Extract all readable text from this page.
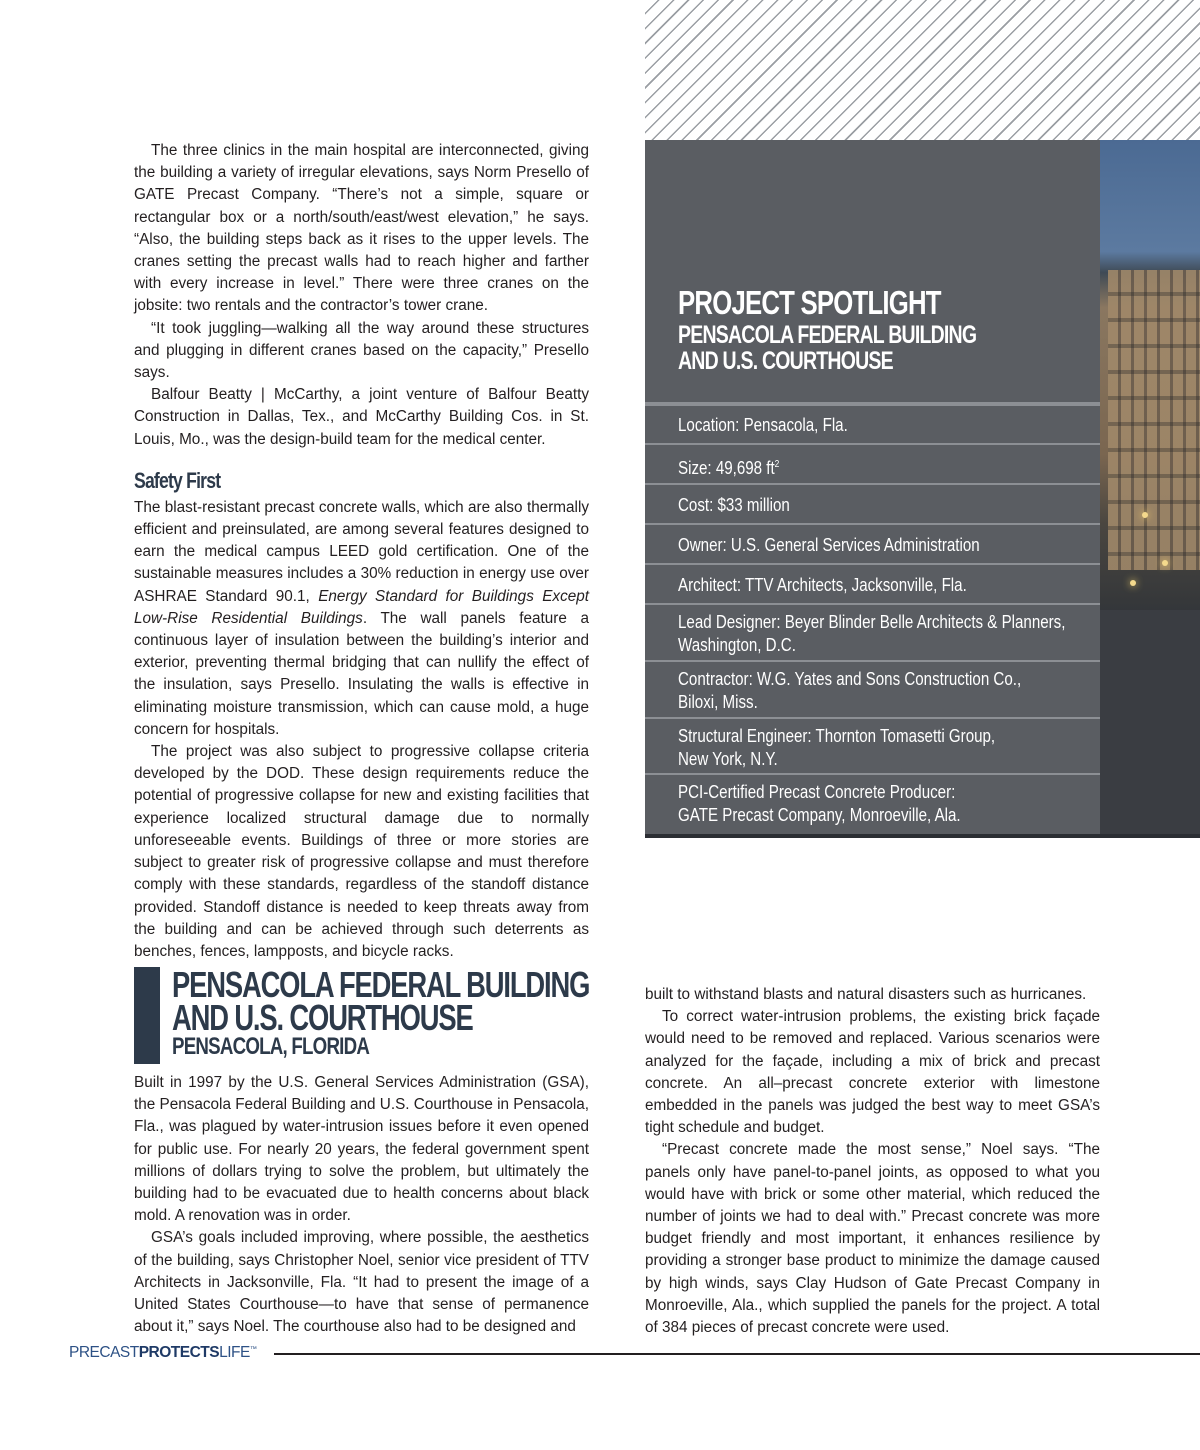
PROJECT SPOTLIGHT
PENSACOLA FEDERAL BUILDING
AND U.S. COURTHOUSE
Location: Pensacola, Fla.
Size: 49,698 $ft^2$
Cost: $33 million
Owner: U.S. General Services Administration
Architect: TTV Architects, Jacksonville, Fla.
Lead Designer: Beyer Blinder Belle Architects & Planners,
Washington, D.C.
Contractor: W.G. Yates and Sons Construction Co.,
Biloxi, Miss.
Structural Engineer: Thornton Tomasetti Group,
New York, N.Y.
PCI-Certified Precast Concrete Producer:
GATE Precast Company, Monroeville, Ala.

The three clinics in the main hospital are interconnected, giving the building a variety of irregular elevations, says Norm Presello of GATE Precast Company. “There’s not a simple, square or rectangular box or a north/south/east/west elevation,” he says. “Also, the building steps back as it rises to the upper levels. The cranes setting the precast walls had to reach higher and farther with every increase in level.” There were three cranes on the jobsite: two rentals and the contractor’s tower crane.

“It took juggling—walking all the way around these structures and plugging in different cranes based on the capacity,” Presello says.

Balfour Beatty | McCarthy, a joint venture of Balfour Beatty Construction in Dallas, Tex., and McCarthy Building Cos. in St. Louis, Mo., was the design-build team for the medical center.

Safety First

The blast-resistant precast concrete walls, which are also thermally efficient and preinsulated, are among several features designed to earn the medical campus LEED gold certification. One of the sustainable measures includes a 30% reduction in energy use over ASHRAE Standard 90.1, Energy Standard for Buildings Except Low-Rise Residential Buildings. The wall panels feature a continuous layer of insulation between the building’s interior and exterior, preventing thermal bridging that can nullify the effect of the insulation, says Presello. Insulating the walls is effective in eliminating moisture transmission, which can cause mold, a huge concern for hospitals.

The project was also subject to progressive collapse criteria developed by the DOD. These design requirements reduce the potential of progressive collapse for new and existing facilities that experience localized structural damage due to normally unforeseeable events. Buildings of three or more stories are subject to greater risk of progressive collapse and must therefore comply with these standards, regardless of the standoff distance provided. Standoff distance is needed to keep threats away from the building and can be achieved through such deterrents as benches, fences, lampposts, and bicycle racks.

PENSACOLA FEDERAL BUILDING
AND U.S. COURTHOUSE
PENSACOLA, FLORIDA

Built in 1997 by the U.S. General Services Administration (GSA), the Pensacola Federal Building and U.S. Courthouse in Pensacola, Fla., was plagued by water-intrusion issues before it even opened for public use. For nearly 20 years, the federal government spent millions of dollars trying to solve the problem, but ultimately the building had to be evacuated due to health concerns about black mold. A renovation was in order.

GSA’s goals included improving, where possible, the aesthetics of the building, says Christopher Noel, senior vice president of TTV Architects in Jacksonville, Fla. “It had to present the image of a United States Courthouse—to have that sense of permanence about it,” says Noel. The courthouse also had to be designed and

built to withstand blasts and natural disasters such as hurricanes.

To correct water-intrusion problems, the existing brick façade would need to be removed and replaced. Various scenarios were analyzed for the façade, including a mix of brick and precast concrete. An all–precast concrete exterior with limestone embedded in the panels was judged the best way to meet GSA’s tight schedule and budget.

“Precast concrete made the most sense,” Noel says. “The panels only have panel-to-panel joints, as opposed to what you would have with brick or some other material, which reduced the number of joints we had to deal with.” Precast concrete was more budget friendly and most important, it enhances resilience by providing a stronger base product to minimize the damage caused by high winds, says Clay Hudson of Gate Precast Company in Monroeville, Ala., which supplied the panels for the project. A total of 384 pieces of precast concrete were used.

PRECASTPROTECTSLIFE™
